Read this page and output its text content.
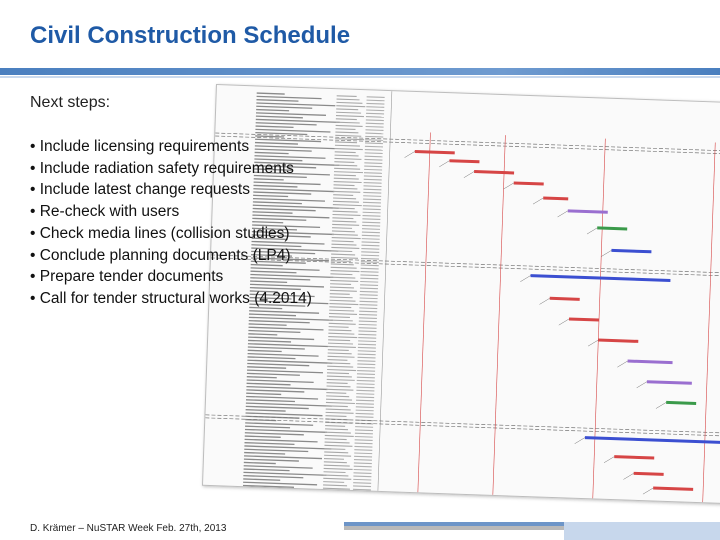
Civil Construction Schedule
Next steps:
• Include licensing requirements
• Include radiation safety requirements
• Include latest change requests
• Re-check with users
• Check media lines (collision studies)
• Conclude planning documents (LP4)
• Prepare tender documents
• Call for tender structural works (4.2014)
D. Krämer – NuSTAR Week Feb. 27th, 2013
